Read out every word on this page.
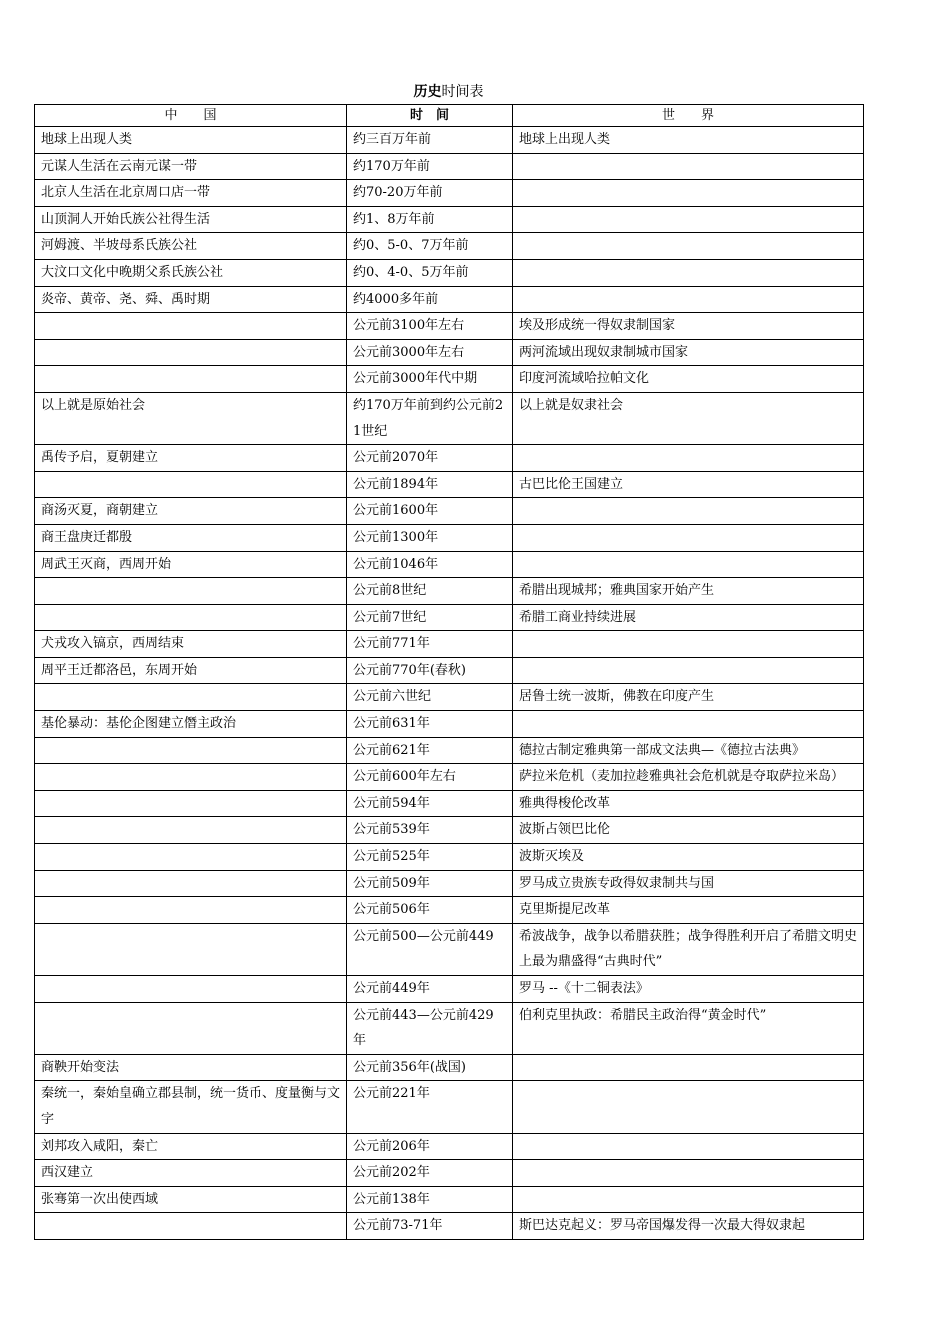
历史时间表
中　　国	时　间	世　　界
地球上出现人类	约三百万年前	地球上出现人类
元谋人生活在云南元谋一带	约170万年前	
北京人生活在北京周口店一带	约70-20万年前	
山顶洞人开始氏族公社得生活	约1、8万年前	
河姆渡、半坡母系氏族公社	约0、5-0、7万年前	
大汶口文化中晚期父系氏族公社	约0、4-0、5万年前	
炎帝、黄帝、尧、舜、禹时期	约4000多年前	
	公元前3100年左右	埃及形成统一得奴隶制国家
	公元前3000年左右	两河流域出现奴隶制城市国家
	公元前3000年代中期	印度河流域哈拉帕文化
以上就是原始社会	约170万年前到约公元前21世纪	以上就是奴隶社会
禹传予启，夏朝建立	公元前2070年	
	公元前1894年	古巴比伦王国建立
商汤灭夏，商朝建立	公元前1600年	
商王盘庚迁都殷	公元前1300年	
周武王灭商，西周开始	公元前1046年	
	公元前8世纪	希腊出现城邦；雅典国家开始产生
	公元前7世纪	希腊工商业持续进展
犬戎攻入镐京，西周结束	公元前771年	
周平王迁都洛邑，东周开始	公元前770年(春秋)	
	公元前六世纪	居鲁士统一波斯，佛教在印度产生
基伦暴动：基伦企图建立僭主政治	公元前631年	
	公元前621年	德拉古制定雅典第一部成文法典—《德拉古法典》
	公元前600年左右	萨拉米危机（麦加拉趁雅典社会危机就是夺取萨拉米岛）
	公元前594年	雅典得梭伦改革
	公元前539年	波斯占领巴比伦
	公元前525年	波斯灭埃及
	公元前509年	罗马成立贵族专政得奴隶制共与国
	公元前506年	克里斯提尼改革
	公元前500—公元前449	希波战争，战争以希腊获胜；战争得胜利开启了希腊文明史上最为鼎盛得“古典时代”
	公元前449年	罗马 --《十二铜表法》
	公元前443—公元前429年	伯利克里执政：希腊民主政治得“黄金时代”
商鞅开始变法	公元前356年(战国)	
秦统一，秦始皇确立郡县制，统一货币、度量衡与文字	公元前221年	
刘邦攻入咸阳，秦亡	公元前206年	
西汉建立	公元前202年	
张骞第一次出使西域	公元前138年	
	公元前73-71年	斯巴达克起义：罗马帝国爆发得一次最大得奴隶起
